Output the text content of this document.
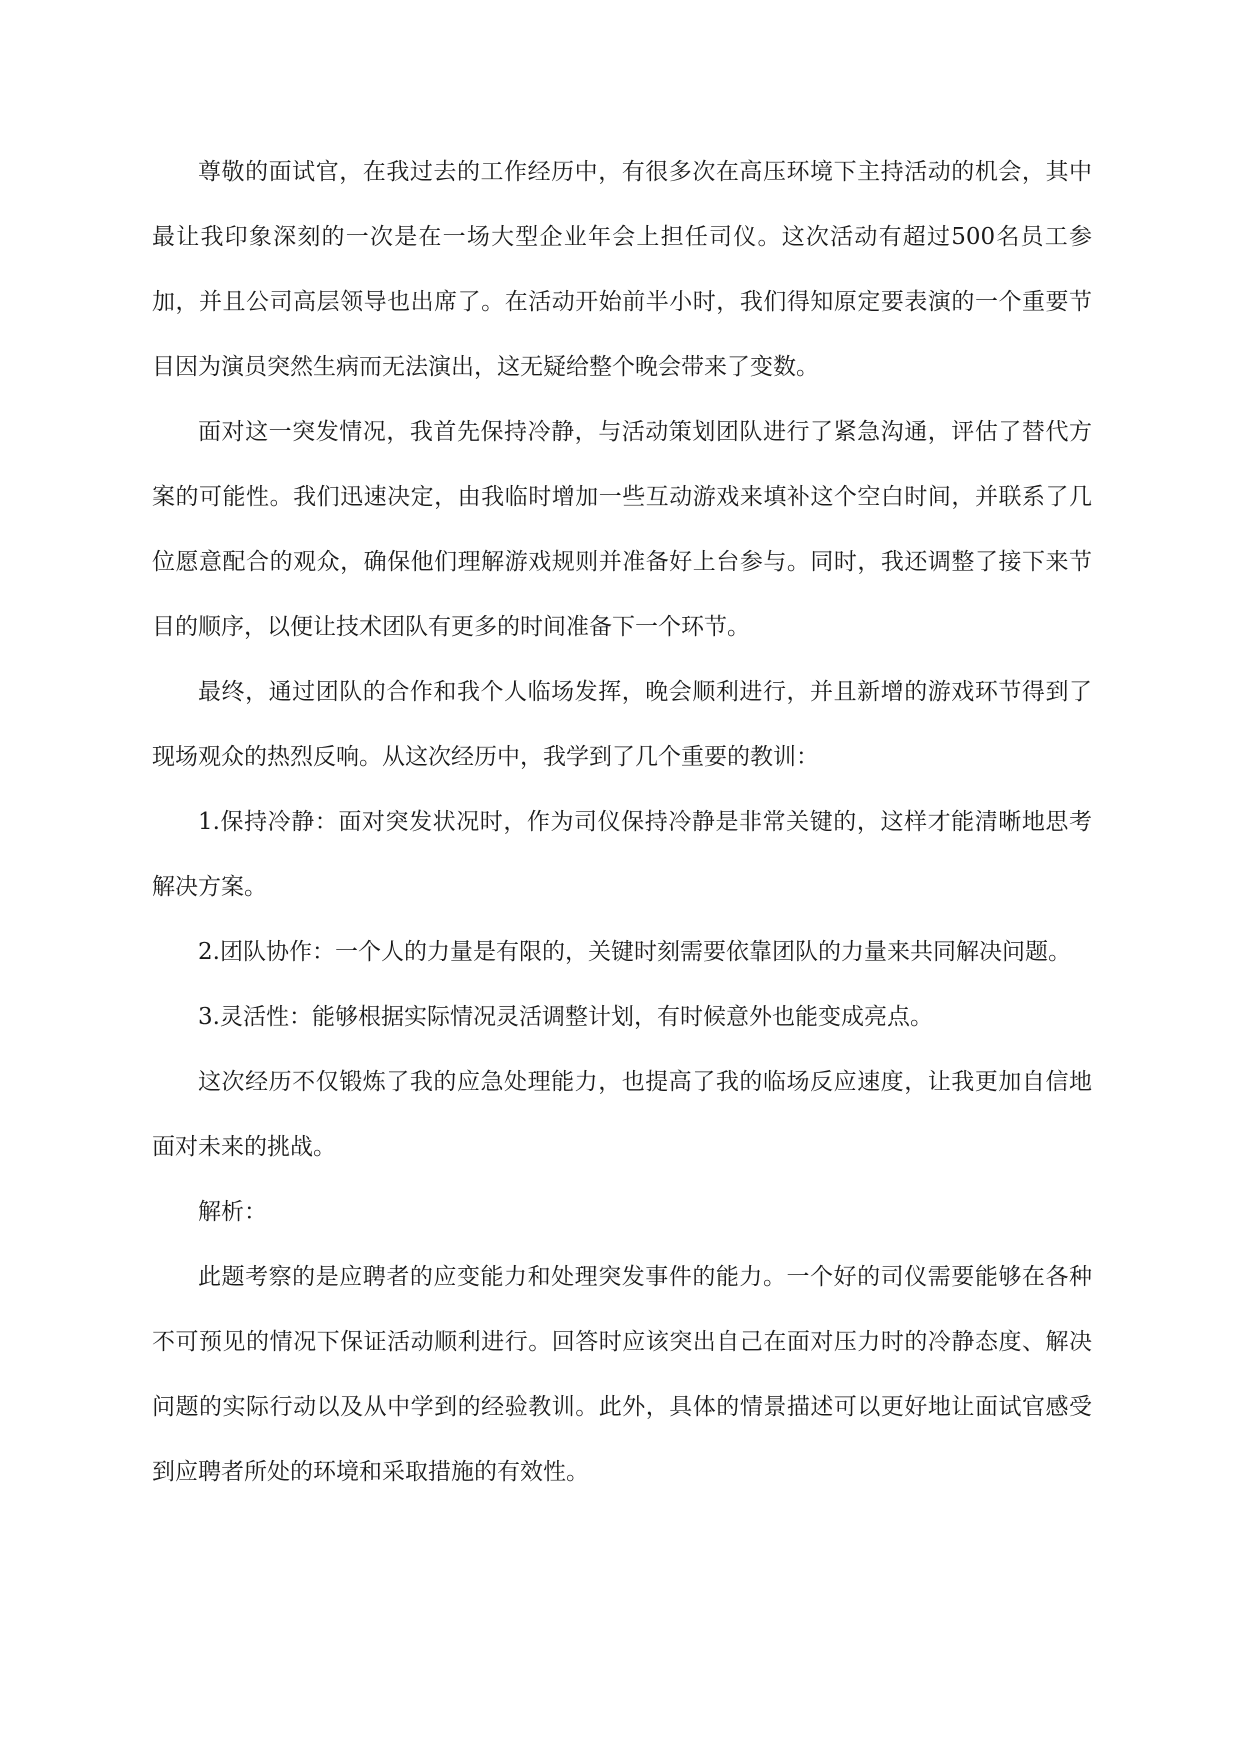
尊敬的面试官，在我过去的工作经历中，有很多次在高压环境下主持活动的机会，其中最让我印象深刻的一次是在一场大型企业年会上担任司仪。这次活动有超过500名员工参加，并且公司高层领导也出席了。在活动开始前半小时，我们得知原定要表演的一个重要节目因为演员突然生病而无法演出，这无疑给整个晚会带来了变数。

面对这一突发情况，我首先保持冷静，与活动策划团队进行了紧急沟通，评估了替代方案的可能性。我们迅速决定，由我临时增加一些互动游戏来填补这个空白时间，并联系了几位愿意配合的观众，确保他们理解游戏规则并准备好上台参与。同时，我还调整了接下来节目的顺序，以便让技术团队有更多的时间准备下一个环节。

最终，通过团队的合作和我个人临场发挥，晚会顺利进行，并且新增的游戏环节得到了现场观众的热烈反响。从这次经历中，我学到了几个重要的教训：

1.保持冷静：面对突发状况时，作为司仪保持冷静是非常关键的，这样才能清晰地思考解决方案。

2.团队协作：一个人的力量是有限的，关键时刻需要依靠团队的力量来共同解决问题。

3.灵活性：能够根据实际情况灵活调整计划，有时候意外也能变成亮点。

这次经历不仅锻炼了我的应急处理能力，也提高了我的临场反应速度，让我更加自信地面对未来的挑战。

解析：

此题考察的是应聘者的应变能力和处理突发事件的能力。一个好的司仪需要能够在各种不可预见的情况下保证活动顺利进行。回答时应该突出自己在面对压力时的冷静态度、解决问题的实际行动以及从中学到的经验教训。此外，具体的情景描述可以更好地让面试官感受到应聘者所处的环境和采取措施的有效性。
